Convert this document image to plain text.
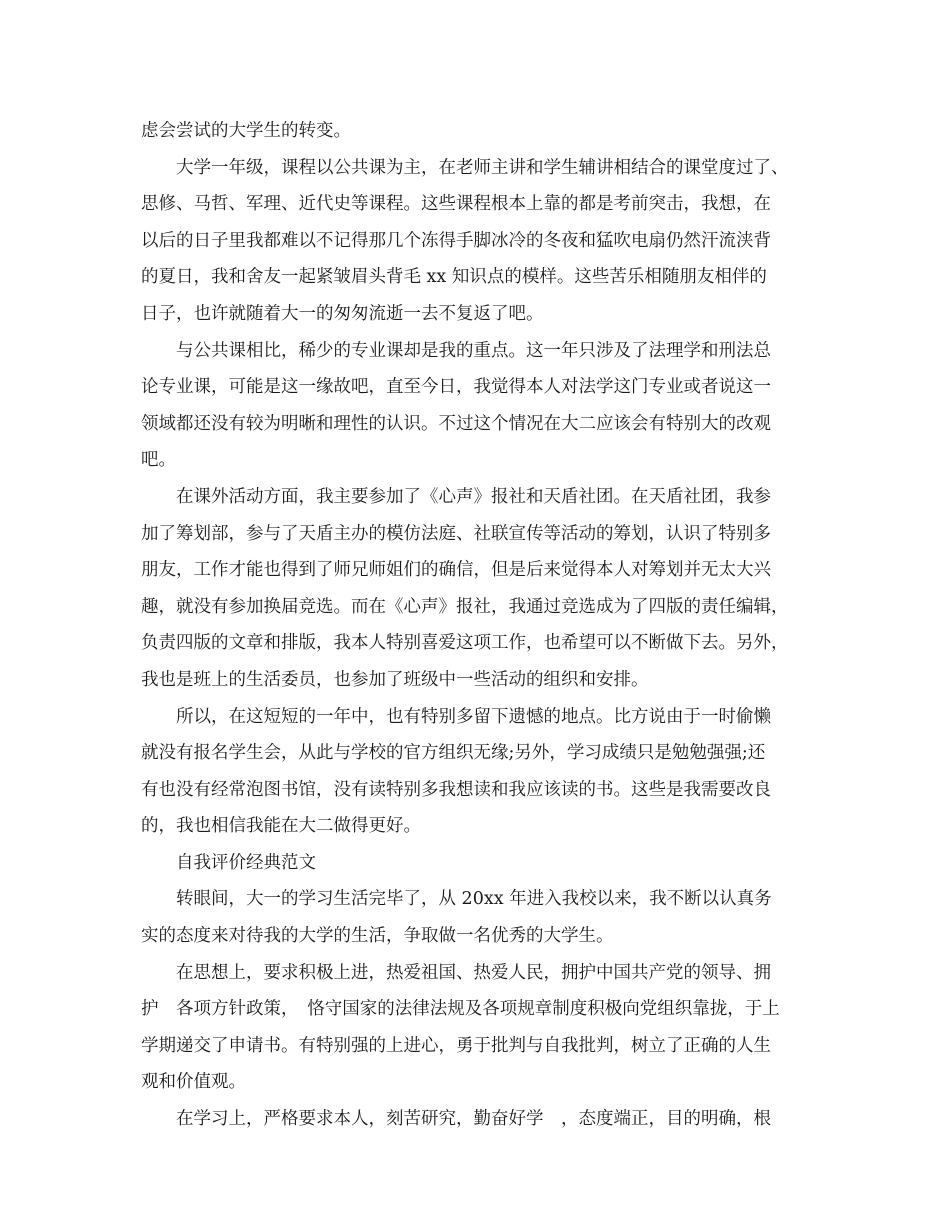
虑会尝试的大学生的转变。

　　大学一年级，课程以公共课为主，在老师主讲和学生辅讲相结合的课堂度过了、
思修、马哲、军理、近代史等课程。这些课程根本上靠的都是考前突击，我想，在
以后的日子里我都难以不记得那几个冻得手脚冰冷的冬夜和猛吹电扇仍然汗流浃背
的夏日，我和舍友一起紧皱眉头背毛 xx 知识点的模样。这些苦乐相随朋友相伴的
日子，也许就随着大一的匆匆流逝一去不复返了吧。

　　与公共课相比，稀少的专业课却是我的重点。这一年只涉及了法理学和刑法总
论专业课，可能是这一缘故吧，直至今日，我觉得本人对法学这门专业或者说这一
领域都还没有较为明晰和理性的认识。不过这个情况在大二应该会有特别大的改观
吧。

　　在课外活动方面，我主要参加了《心声》报社和天盾社团。在天盾社团，我参
加了筹划部，参与了天盾主办的模仿法庭、社联宣传等活动的筹划，认识了特别多
朋友，工作才能也得到了师兄师姐们的确信，但是后来觉得本人对筹划并无太大兴
趣，就没有参加换届竞选。而在《心声》报社，我通过竞选成为了四版的责任编辑，
负责四版的文章和排版，我本人特别喜爱这项工作，也希望可以不断做下去。另外，
我也是班上的生活委员，也参加了班级中一些活动的组织和安排。

　　所以，在这短短的一年中，也有特别多留下遗憾的地点。比方说由于一时偷懒
就没有报名学生会，从此与学校的官方组织无缘;另外，学习成绩只是勉勉强强;还
有也没有经常泡图书馆，没有读特别多我想读和我应该读的书。这些是我需要改良
的，我也相信我能在大二做得更好。

　　自我评价经典范文

　　转眼间，大一的学习生活完毕了，从 20xx 年进入我校以来，我不断以认真务
实的态度来对待我的大学的生活，争取做一名优秀的大学生。

　　在思想上，要求积极上进，热爱祖国、热爱人民，拥护中国共产党的领导、拥
护　各项方针政策，　恪守国家的法律法规及各项规章制度积极向党组织靠拢，于上
学期递交了申请书。有特别强的上进心，勇于批判与自我批判，树立了正确的人生
观和价值观。

　　在学习上，严格要求本人，刻苦研究，勤奋好学　，态度端正，目的明确，根
